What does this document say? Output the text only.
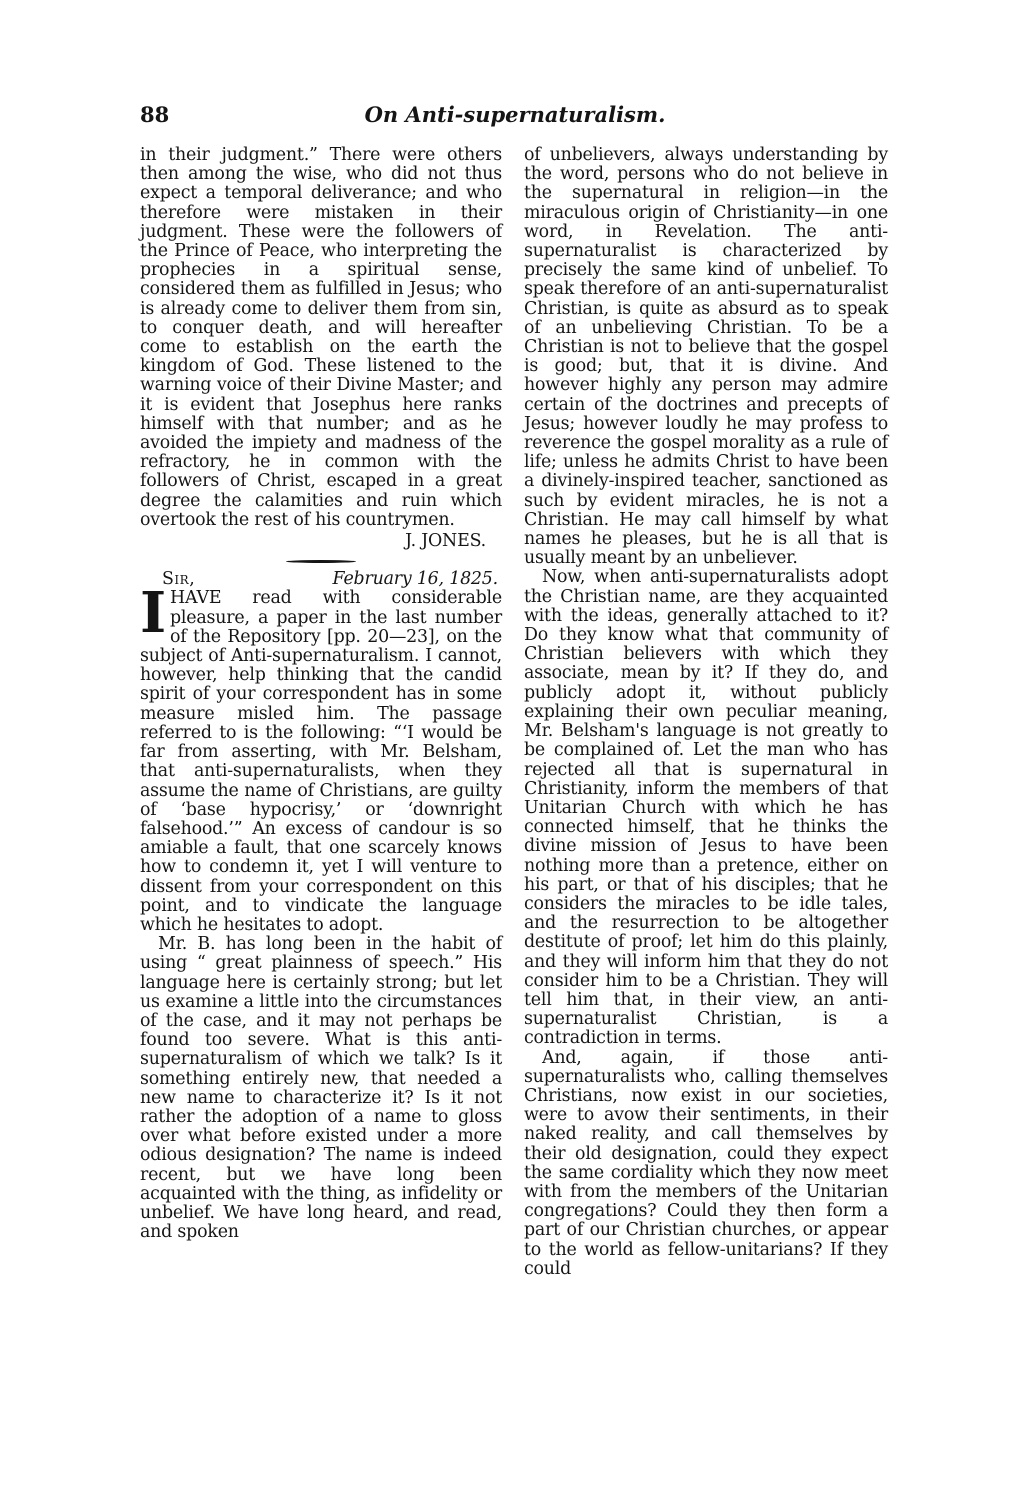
88	On Anti-supernaturalism.

in their judgment.” There were others then among the wise, who did not thus expect a temporal deliverance; and who therefore were mistaken in their judgment. These were the followers of the Prince of Peace, who interpreting the prophecies in a spiritual sense, considered them as fulfilled in Jesus; who is already come to deliver them from sin, to conquer death, and will hereafter come to establish on the earth the kingdom of God. These listened to the warning voice of their Divine Master; and it is evident that Josephus here ranks himself with that number; and as he avoided the impiety and madness of the refractory, he in common with the followers of Christ, escaped in a great degree the calamities and ruin which overtook the rest of his countrymen.

J. JONES.

Sir,	February 16, 1825.

IHAVE read with considerable pleasure, a paper in the last number of the Repository [pp. 20—23], on the subject of Anti-supernaturalism. I cannot, however, help thinking that the candid spirit of your correspondent has in some measure misled him. The passage referred to is the following: “‘I would be far from asserting, with Mr. Belsham, that anti-supernaturalists, when they assume the name of Christians, are guilty of ‘base hypocrisy,’ or ‘downright falsehood.’” An excess of candour is so amiable a fault, that one scarcely knows how to condemn it, yet I will venture to dissent from your correspondent on this point, and to vindicate the language which he hesitates to adopt.

Mr. B. has long been in the habit of using “ great plainness of speech.” His language here is certainly strong; but let us examine a little into the circumstances of the case, and it may not perhaps be found too severe. What is this anti-supernaturalism of which we talk? Is it something entirely new, that needed a new name to characterize it? Is it not rather the adoption of a name to gloss over what before existed under a more odious designation? The name is indeed recent, but we have long been acquainted with the thing, as infidelity or unbelief. We have long heard, and read, and spoken

of unbelievers, always understanding by the word, persons who do not believe in the supernatural in religion—in the miraculous origin of Christianity—in one word, in Revelation. The anti-supernaturalist is characterized by precisely the same kind of unbelief. To speak therefore of an anti-supernaturalist Christian, is quite as absurd as to speak of an unbelieving Christian. To be a Christian is not to believe that the gospel is good; but, that it is divine. And however highly any person may admire certain of the doctrines and precepts of Jesus; however loudly he may profess to reverence the gospel morality as a rule of life; unless he admits Christ to have been a divinely-inspired teacher, sanctioned as such by evident miracles, he is not a Christian. He may call himself by what names he pleases, but he is all that is usually meant by an unbeliever.

Now, when anti-supernaturalists adopt the Christian name, are they acquainted with the ideas, generally attached to it? Do they know what that community of Christian believers with which they associate, mean by it? If they do, and publicly adopt it, without publicly explaining their own peculiar meaning, Mr. Belsham's language is not greatly to be complained of. Let the man who has rejected all that is supernatural in Christianity, inform the members of that Unitarian Church with which he has connected himself, that he thinks the divine mission of Jesus to have been nothing more than a pretence, either on his part, or that of his disciples; that he considers the miracles to be idle tales, and the resurrection to be altogether destitute of proof; let him do this plainly, and they will inform him that they do not consider him to be a Christian. They will tell him that, in their view, an anti-supernaturalist Christian, is a contradiction in terms.

And, again, if those anti-supernaturalists who, calling themselves Christians, now exist in our societies, were to avow their sentiments, in their naked reality, and call themselves by their old designation, could they expect the same cordiality which they now meet with from the members of the Unitarian congregations? Could they then form a part of our Christian churches, or appear to the world as fellow-unitarians? If they could
